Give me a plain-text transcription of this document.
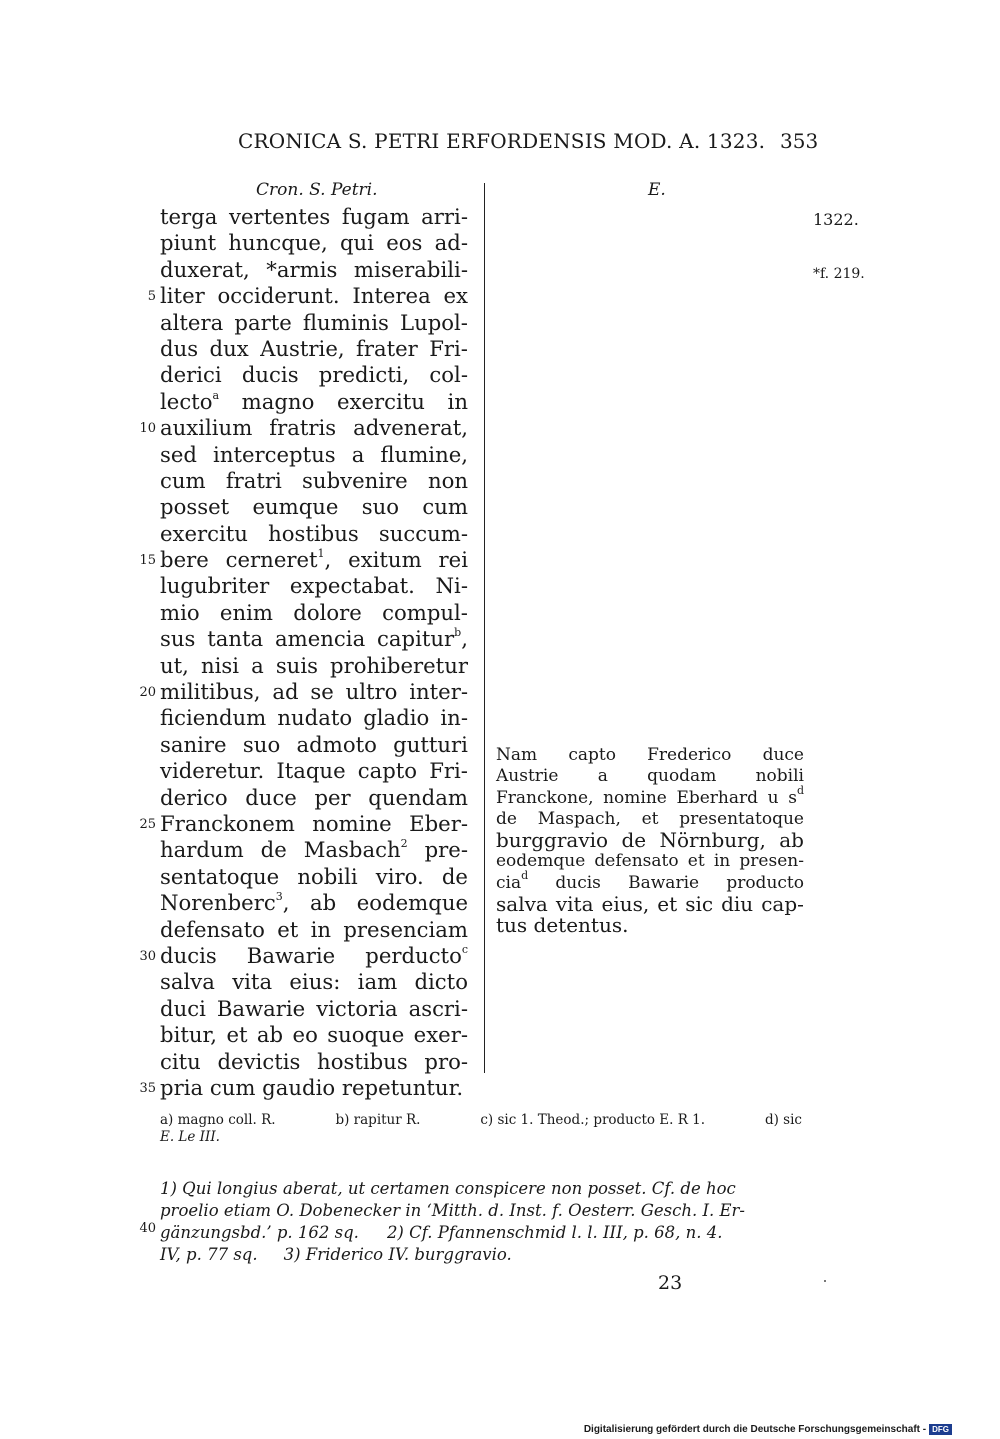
CRONICA S. PETRI ERFORDENSIS MOD. A. 1323. 353
Cron. S. Petri.	E.
1322.
*f. 219.
5
10
15
20
25
30
35
terga vertentes fugam arri-
piunt huncque, qui eos ad-
duxerat, *armis miserabili-
liter occiderunt. Interea ex
altera parte fluminis Lupol-
dus dux Austrie, frater Fri-
derici ducis predicti, col-
lecto$^a$ magno exercitu in
auxilium fratris advenerat,
sed interceptus a flumine,
cum fratri subvenire non
posset eumque suo cum
exercitu hostibus succum-
bere cerneret$^1$, exitum rei
lugubriter expectabat. Ni-
mio enim dolore compul-
sus tanta amencia capitur$^b$,
ut, nisi a suis prohiberetur
militibus, ad se ultro inter-
ficiendum nudato gladio in-
sanire suo admoto gutturi
videretur. Itaque capto Fri-
derico duce per quendam
Franckonem nomine Eber-
hardum de Masbach$^2$ pre-
sentatoque nobili viro. de
Norenberc$^3$, ab eodemque
defensato et in presenciam
ducis Bawarie perducto$^c$
salva vita eius: iam dicto
duci Bawarie victoria ascri-
bitur, et ab eo suoque exer-
citu devictis hostibus pro-
pria cum gaudio repetuntur.
Nam capto Frederico duce
Austrie a quodam nobili
Franckone, nomine Eberhard u $s^d$
de Maspach, et presentatoque
burggravio de Nörnburg, ab
eodemque defensato et in presen-
cia$^d$ ducis Bawarie producto
salva vita eius, et sic diu cap-
tus detentus.
a) magno coll. R.	b) rapitur R.	c) sic 1. Theod.; producto E. R 1.	d) sic
E. Le III.
1) Qui longius aberat, ut certamen conspicere non posset. Cf. de hoc
proelio etiam O. Dobenecker in ‘Mitth. d. Inst. f. Oesterr. Gesch. I. Er-
gänzungsbd.’ p. 162 sq. 2) Cf. Pfannenschmid l. l. III, p. 68, n. 4.
IV, p. 77 sq. 3) Friderico IV. burggravio.
40
23
Digitalisierung gefördert durch die Deutsche Forschungsgemeinschaft - DFG
